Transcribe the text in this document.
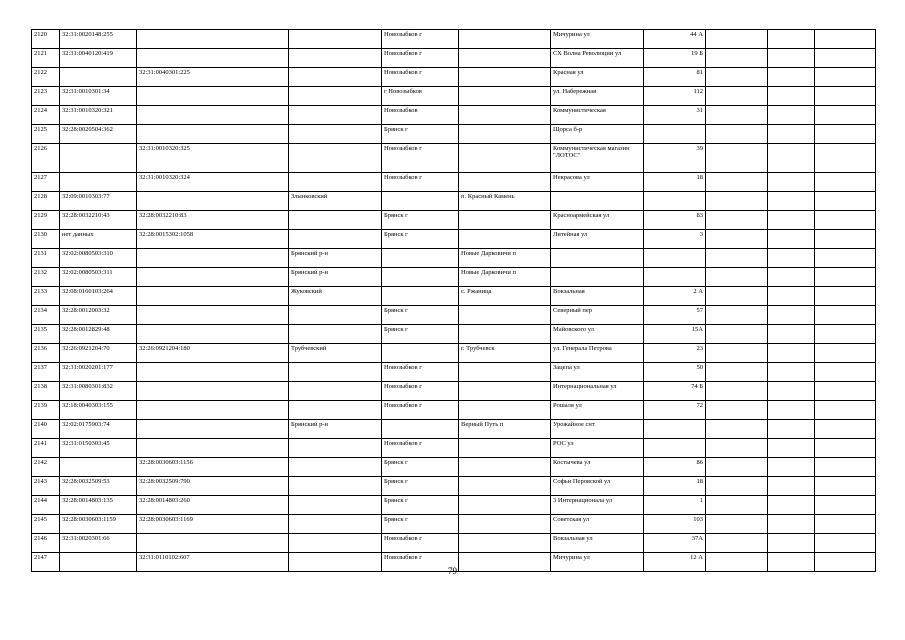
2120	32:31:0020148:255			Новозыбков г		Мичурина ул	44 А			
2121	32:31:0040120:419			Новозыбков г		СХ Волна Революции ул	19 Б			
2122		32:31:0040301:225		Новозыбков г		Красная ул	81			
2123	32:31:0010301:34			г Новозыбков		ул. Набережная	112			
2124	32:31:0010320:321			Новозыбков		Коммунистическая	31			
2125	32:28:0020504:362			Брянск г		Щорса б-р				
2126		32:31:0010320:325		Новозыбков г		Коммунистическая магазин "ЛОТОС"	39			
2127		32:31:0010320:324		Новозыбков г		Некрасова ул	18			
2128	32:09:0010303:77		Злынковский		п. Красный Камень					
2129	32:28:0032210:43	32:28:0032210:83		Брянск г		Красноармейская ул	83			
2130	нет данных	32:28:0015302:1058		Брянск г		Литейная ул	3			
2131	32:02:0080503:310		Брянский р-н		Новые Дарковичи п					
2132	32:02:0080503:311		Брянский р-н		Новые Дарковичи п					
2133	32:08:0160103:264		Жуковский		с. Ржаница	Вокзальная	2 А			
2134	32:28:0012003:32			Брянск г		Северный пер	57			
2135	32:28:0012829:48			Брянск г		Майовского ул	15А			
2136	32:26:0921204:70	32:26:0921204:180	Трубчевский		г. Трубчевск	ул. Генерала Петрова	23			
2137	32:31:0020201:177			Новозыбков г		Зацепа ул	50			
2138	32:31:0080301:832			Новозыбков г		Интернациональная ул	74 Б			
2139	32:18:0040303:155			Новозыбков г		Рошаля ул	72			
2140	32:02:0175903:74		Брянский р-н		Верный Путь п	Урожайное снт				
2141	32:31:0150303:45			Новозыбков г		РОС ул				
2142		32:28:0030603:1156		Брянск г		Костычева ул	86			
2143	32:28:0032509:53	32:28:0032509:790		Брянск г		Софьи Перовской ул	18			
2144	32:28:0014803:135	32:28:0014803:260		Брянск г		3 Интернационала ул	1			
2145	32:28:0030603:1159	32:28:0030603:1169		Брянск г		Советская ул	103			
2146	32:31:0020301:66			Новозыбков г		Вокзальная ул	37А			
2147		32:31:0110102:607		Новозыбков г		Мичурина ул	12 А			
79
